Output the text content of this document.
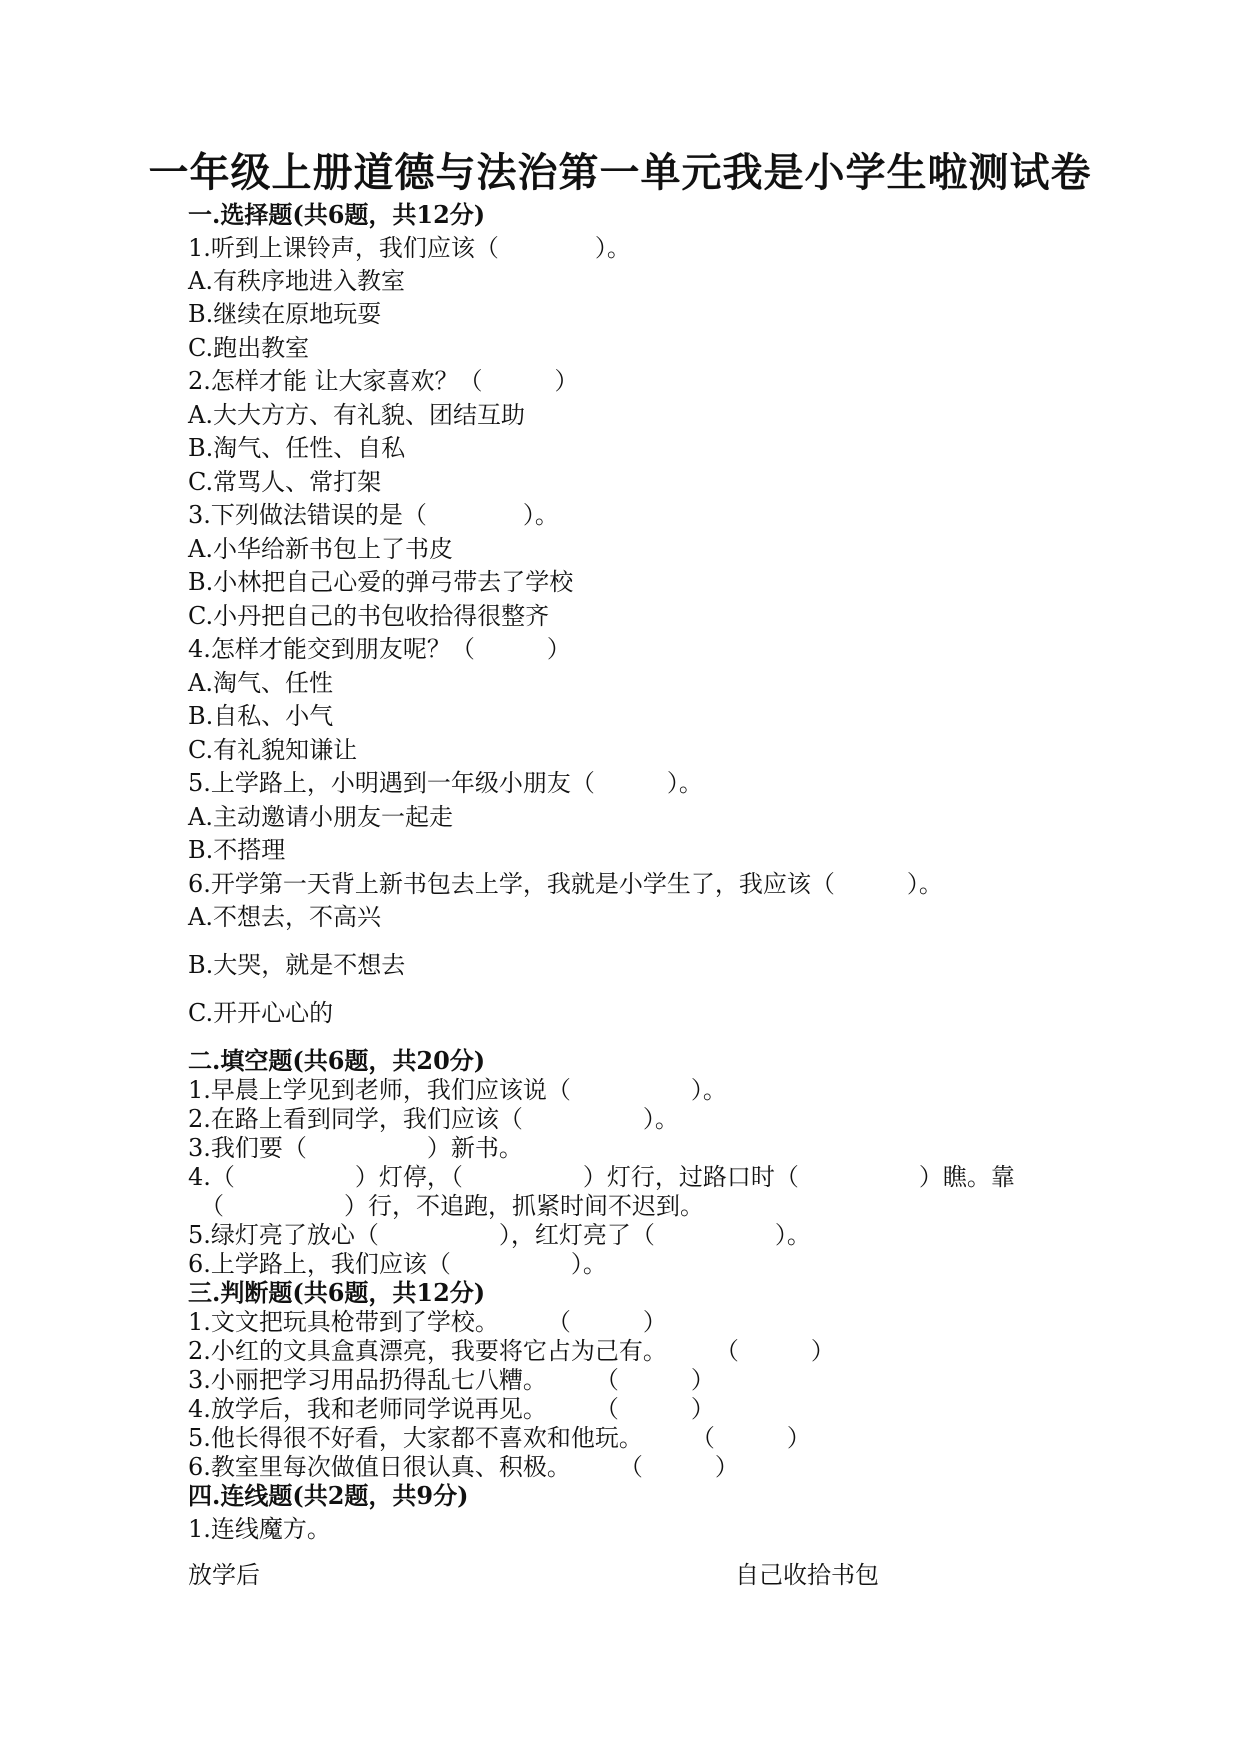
一年级上册道德与法治第一单元我是小学生啦测试卷
一.选择题(共6题，共12分)
1.听到上课铃声，我们应该（　　　　）。
A.有秩序地进入教室
B.继续在原地玩耍
C.跑出教室
2.怎样才能 让大家喜欢？（　　　）
A.大大方方、有礼貌、团结互助
B.淘气、任性、自私
C.常骂人、常打架
3.下列做法错误的是（　　　　）。
A.小华给新书包上了书皮
B.小林把自己心爱的弹弓带去了学校
C.小丹把自己的书包收拾得很整齐
4.怎样才能交到朋友呢？（　　　）
A.淘气、任性
B.自私、小气
C.有礼貌知谦让
5.上学路上，小明遇到一年级小朋友（　　　）。
A.主动邀请小朋友一起走
B.不搭理
6.开学第一天背上新书包去上学，我就是小学生了，我应该（　　　）。
A.不想去，不高兴
B.大哭，就是不想去
C.开开心心的
二.填空题(共6题，共20分)
1.早晨上学见到老师，我们应该说（　　　　　）。
2.在路上看到同学，我们应该（　　　　　）。
3.我们要（　　　　　）新书。
4.（　　　　　）灯停，（　　　　　）灯行，过路口时（　　　　　）瞧。靠
（　　　　　）行，不追跑，抓紧时间不迟到。
5.绿灯亮了放心（　　　　　），红灯亮了（　　　　　）。
6.上学路上，我们应该（　　　　　）。
三.判断题(共6题，共12分)
1.文文把玩具枪带到了学校。　　　（　　　）
2.小红的文具盒真漂亮，我要将它占为己有。　　　（　　　）
3.小丽把学习用品扔得乱七八糟。　　　（　　　）
4.放学后，我和老师同学说再见。　　　（　　　）
5.他长得很不好看，大家都不喜欢和他玩。　　　（　　　）
6.教室里每次做值日很认真、积极。　　　（　　　）
四.连线题(共2题，共9分)
1.连线魔方。
放学后	自己收拾书包
